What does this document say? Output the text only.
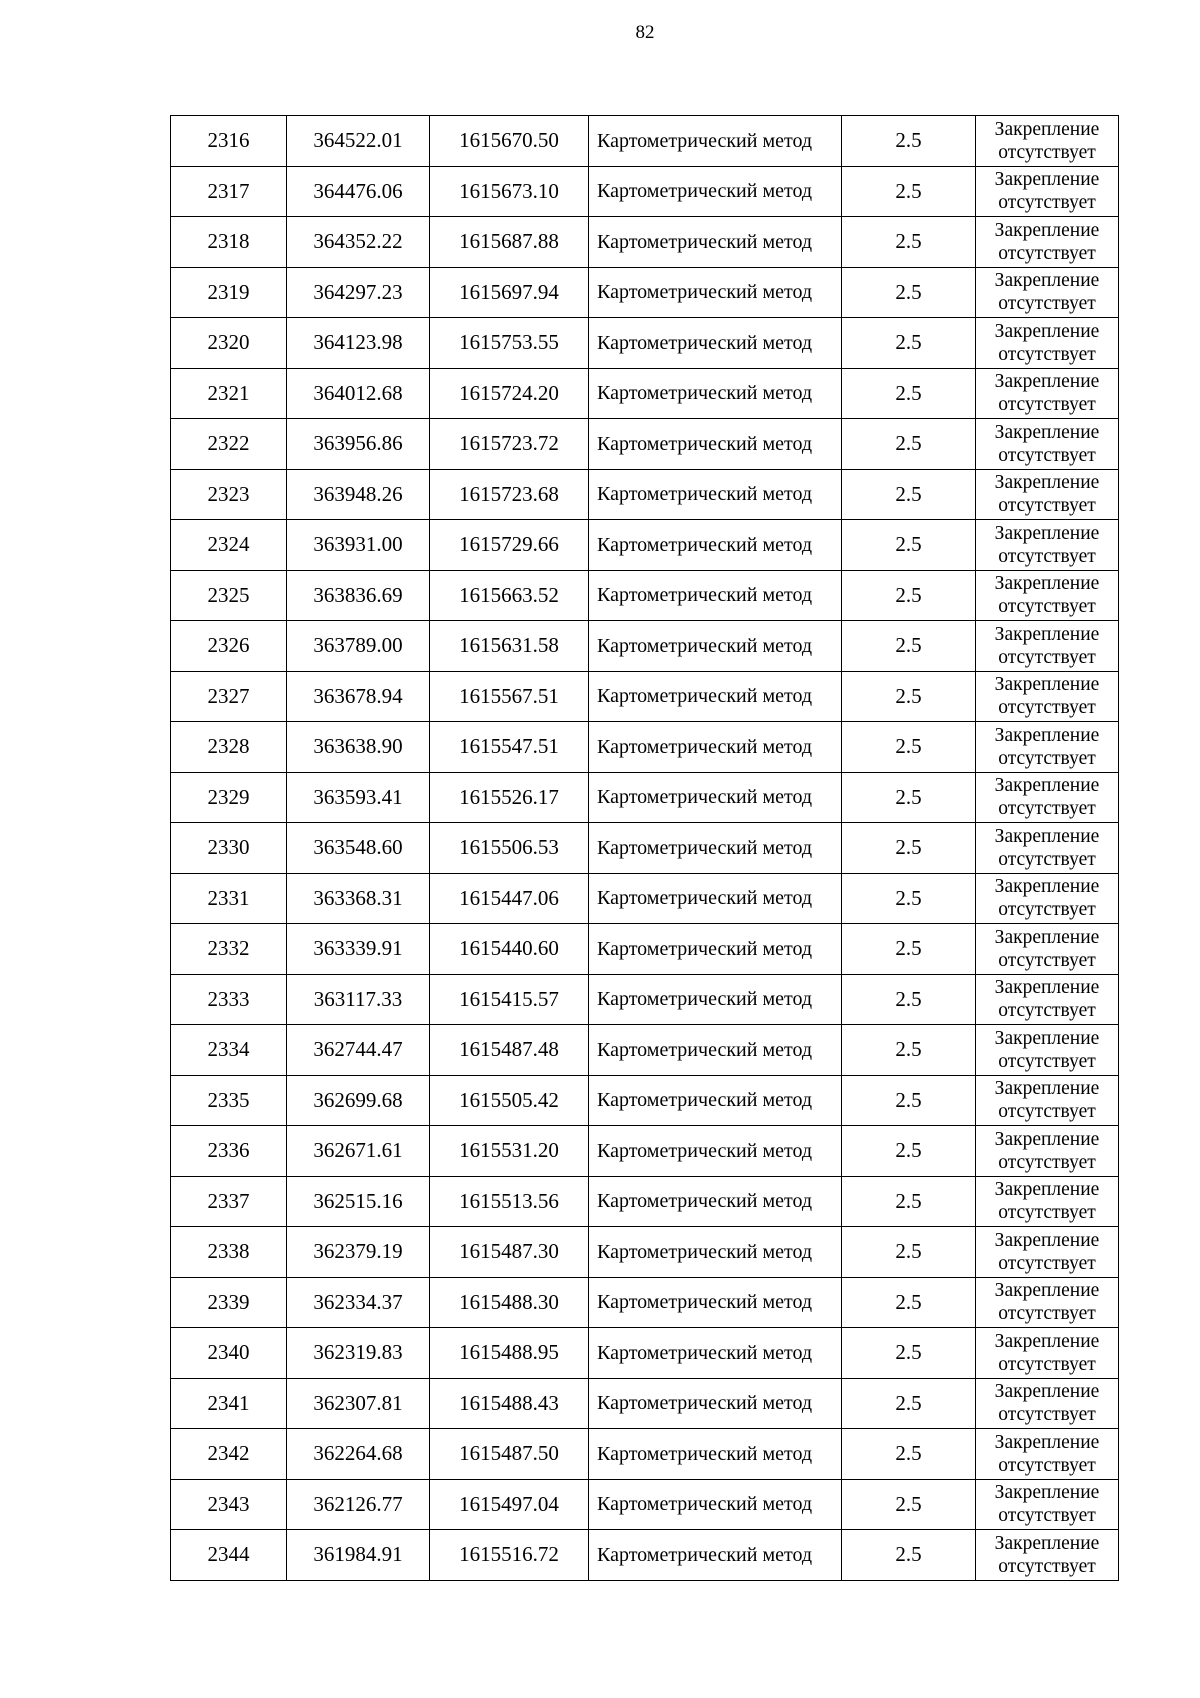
82
2316	364522.01	1615670.50	Картометрический метод	2.5	Закрепление
отсутствует

2317	364476.06	1615673.10	Картометрический метод	2.5	Закрепление
отсутствует

2318	364352.22	1615687.88	Картометрический метод	2.5	Закрепление
отсутствует

2319	364297.23	1615697.94	Картометрический метод	2.5	Закрепление
отсутствует

2320	364123.98	1615753.55	Картометрический метод	2.5	Закрепление
отсутствует

2321	364012.68	1615724.20	Картометрический метод	2.5	Закрепление
отсутствует

2322	363956.86	1615723.72	Картометрический метод	2.5	Закрепление
отсутствует

2323	363948.26	1615723.68	Картометрический метод	2.5	Закрепление
отсутствует

2324	363931.00	1615729.66	Картометрический метод	2.5	Закрепление
отсутствует

2325	363836.69	1615663.52	Картометрический метод	2.5	Закрепление
отсутствует

2326	363789.00	1615631.58	Картометрический метод	2.5	Закрепление
отсутствует

2327	363678.94	1615567.51	Картометрический метод	2.5	Закрепление
отсутствует

2328	363638.90	1615547.51	Картометрический метод	2.5	Закрепление
отсутствует

2329	363593.41	1615526.17	Картометрический метод	2.5	Закрепление
отсутствует

2330	363548.60	1615506.53	Картометрический метод	2.5	Закрепление
отсутствует

2331	363368.31	1615447.06	Картометрический метод	2.5	Закрепление
отсутствует

2332	363339.91	1615440.60	Картометрический метод	2.5	Закрепление
отсутствует

2333	363117.33	1615415.57	Картометрический метод	2.5	Закрепление
отсутствует

2334	362744.47	1615487.48	Картометрический метод	2.5	Закрепление
отсутствует

2335	362699.68	1615505.42	Картометрический метод	2.5	Закрепление
отсутствует

2336	362671.61	1615531.20	Картометрический метод	2.5	Закрепление
отсутствует

2337	362515.16	1615513.56	Картометрический метод	2.5	Закрепление
отсутствует

2338	362379.19	1615487.30	Картометрический метод	2.5	Закрепление
отсутствует

2339	362334.37	1615488.30	Картометрический метод	2.5	Закрепление
отсутствует

2340	362319.83	1615488.95	Картометрический метод	2.5	Закрепление
отсутствует

2341	362307.81	1615488.43	Картометрический метод	2.5	Закрепление
отсутствует

2342	362264.68	1615487.50	Картометрический метод	2.5	Закрепление
отсутствует

2343	362126.77	1615497.04	Картометрический метод	2.5	Закрепление
отсутствует

2344	361984.91	1615516.72	Картометрический метод	2.5	Закрепление
отсутствует
